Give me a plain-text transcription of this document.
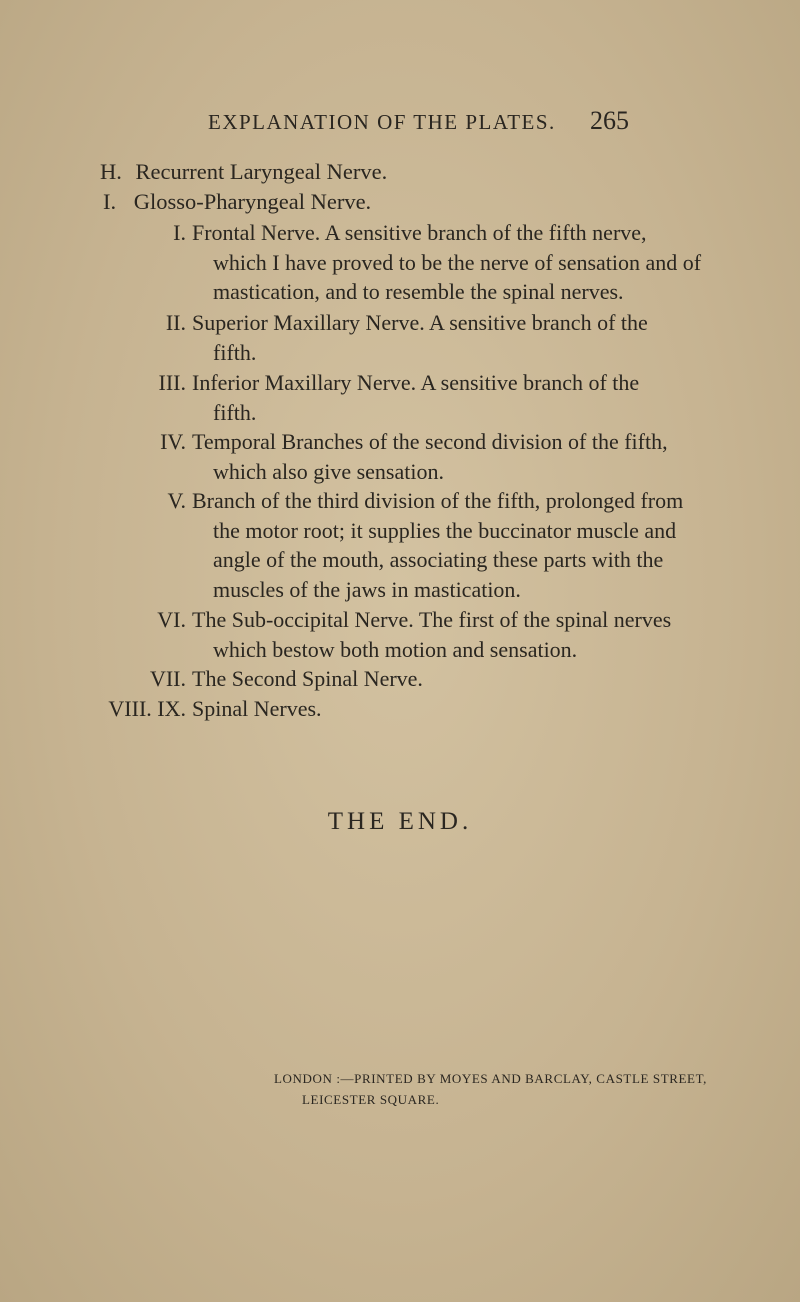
EXPLANATION OF THE PLATES. 265
H. Recurrent Laryngeal Nerve.
I. Glosso-Pharyngeal Nerve.
I. Frontal Nerve. A sensitive branch of the fifth nerve,
which I have proved to be the nerve of sensation and of
mastication, and to resemble the spinal nerves.
II. Superior Maxillary Nerve. A sensitive branch of the
fifth.
III. Inferior Maxillary Nerve. A sensitive branch of the
fifth.
IV. Temporal Branches of the second division of the fifth,
which also give sensation.
V. Branch of the third division of the fifth, prolonged from
the motor root; it supplies the buccinator muscle and
angle of the mouth, associating these parts with the
muscles of the jaws in mastication.
VI. The Sub-occipital Nerve. The first of the spinal nerves
which bestow both motion and sensation.
VII. The Second Spinal Nerve.
VIII. IX. Spinal Nerves.
THE END.
LONDON :—PRINTED BY MOYES AND BARCLAY, CASTLE STREET,
LEICESTER SQUARE.
